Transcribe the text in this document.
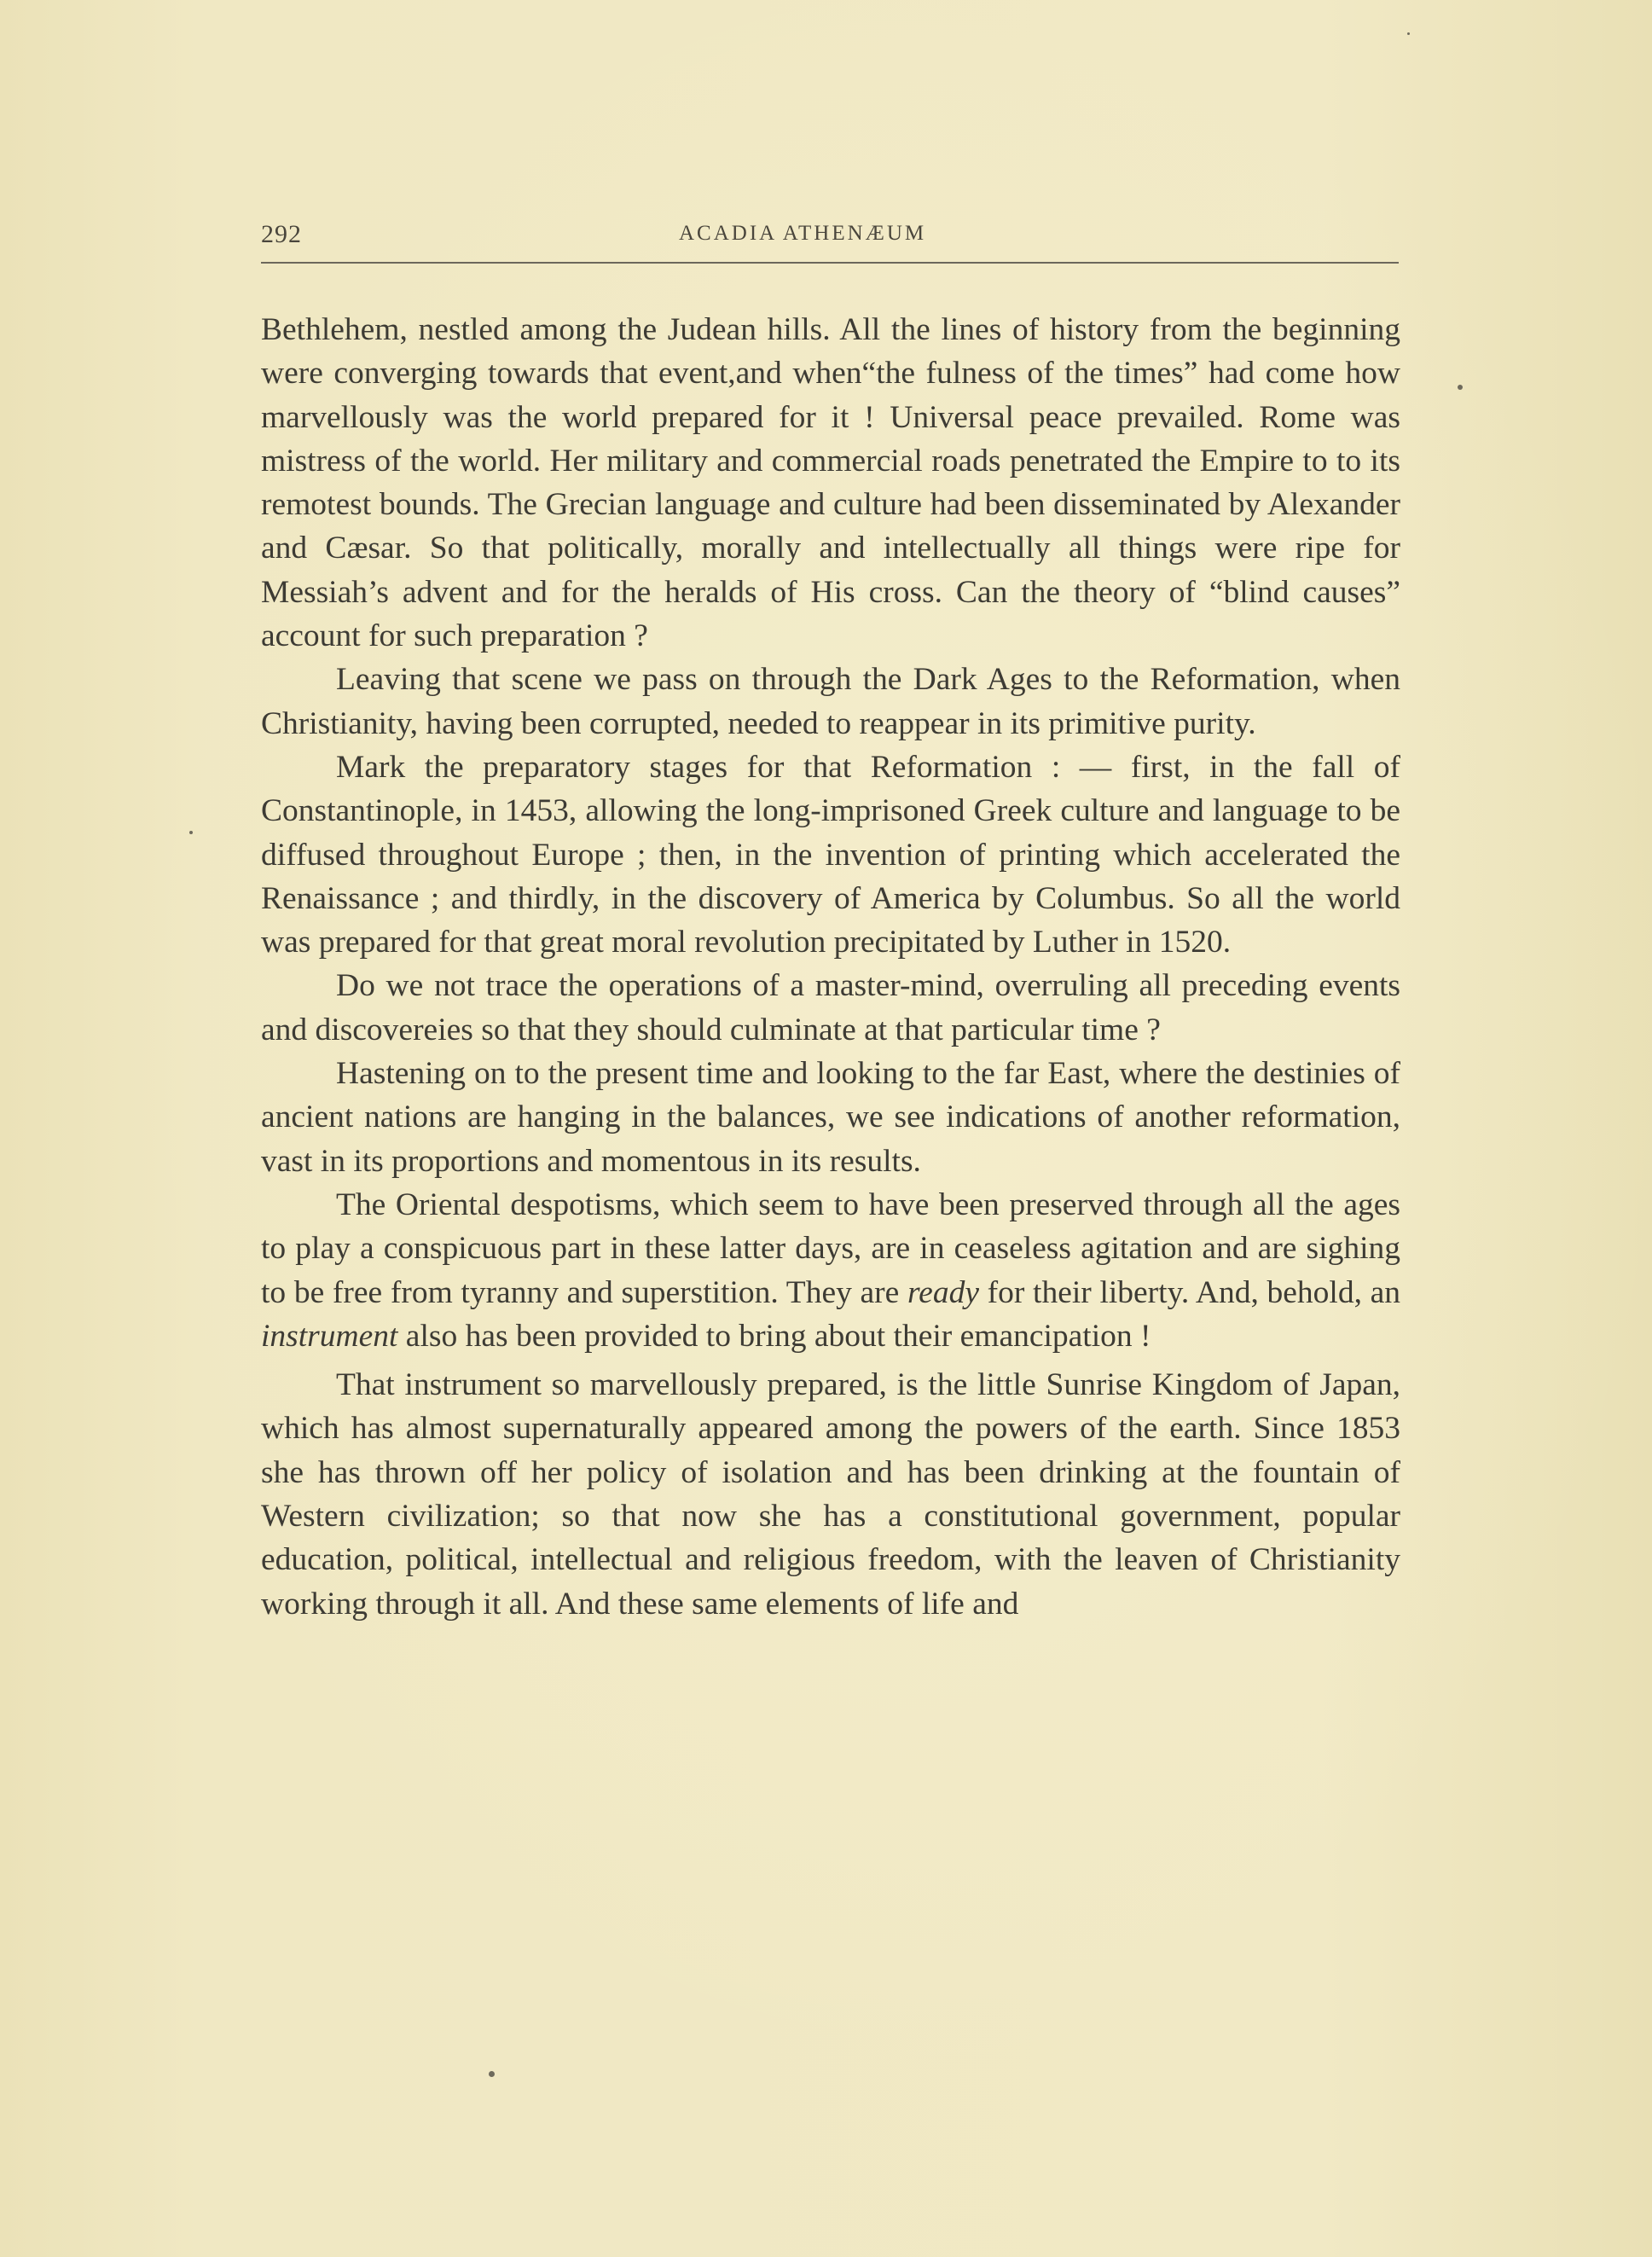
292	ACADIA ATHENÆUM

Bethlehem, nestled among the Judean hills. All the lines of history from the beginning were converging towards that event,and when“the fulness of the times” had come how marvellously was the world prepared for it ! Universal peace prevailed. Rome was mistress of the world. Her military and commercial roads penetrated the Empire to to its remotest bounds. The Grecian language and culture had been disseminated by Alexander and Cæsar. So that politically, morally and intellectually all things were ripe for Messiah’s advent and for the heralds of His cross. Can the theory of “blind causes” account for such preparation ?

Leaving that scene we pass on through the Dark Ages to the Reformation, when Christianity, having been corrupted, needed to reappear in its primitive purity.

Mark the preparatory stages for that Reformation : — first, in the fall of Constantinople, in 1453, allowing the long-imprisoned Greek culture and language to be diffused throughout Europe ; then, in the invention of printing which accelerated the Renaissance ; and thirdly, in the discovery of America by Columbus. So all the world was prepared for that great moral revolution precipitated by Luther in 1520.

Do we not trace the operations of a master-mind, overruling all preceding events and discovereies so that they should culminate at that particular time ?

Hastening on to the present time and looking to the far East, where the destinies of ancient nations are hanging in the balances, we see indications of another reformation, vast in its proportions and momentous in its results.

The Oriental despotisms, which seem to have been preserved through all the ages to play a conspicuous part in these latter days, are in ceaseless agitation and are sighing to be free from tyranny and superstition. They are ready for their liberty. And, behold, an instrument also has been provided to bring about their emancipation !

That instrument so marvellously prepared, is the little Sunrise Kingdom of Japan, which has almost supernaturally appeared among the powers of the earth. Since 1853 she has thrown off her policy of isolation and has been drinking at the fountain of Western civilization; so that now she has a constitutional government, popular education, political, intellectual and religious freedom, with the leaven of Christianity working through it all. And these same elements of life and
